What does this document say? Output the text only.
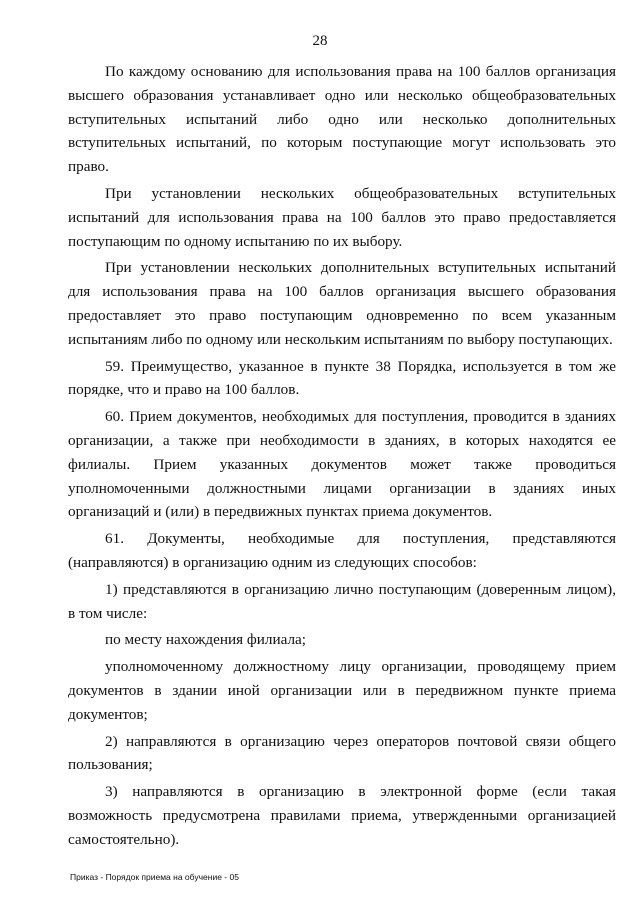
28

По каждому основанию для использования права на 100 баллов организация высшего образования устанавливает одно или несколько общеобразовательных вступительных испытаний либо одно или несколько дополнительных вступительных испытаний, по которым поступающие могут использовать это право.

При установлении нескольких общеобразовательных вступительных испытаний для использования права на 100 баллов это право предоставляется поступающим по одному испытанию по их выбору.

При установлении нескольких дополнительных вступительных испытаний для использования права на 100 баллов организация высшего образования предоставляет это право поступающим одновременно по всем указанным испытаниям либо по одному или нескольким испытаниям по выбору поступающих.

59. Преимущество, указанное в пункте 38 Порядка, используется в том же порядке, что и право на 100 баллов.

60. Прием документов, необходимых для поступления, проводится в зданиях организации, а также при необходимости в зданиях, в которых находятся ее филиалы. Прием указанных документов может также проводиться уполномоченными должностными лицами организации в зданиях иных организаций и (или) в передвижных пунктах приема документов.

61. Документы, необходимые для поступления, представляются (направляются) в организацию одним из следующих способов:

1) представляются в организацию лично поступающим (доверенным лицом), в том числе:

по месту нахождения филиала;

уполномоченному должностному лицу организации, проводящему прием документов в здании иной организации или в передвижном пункте приема документов;

2) направляются в организацию через операторов почтовой связи общего пользования;

3) направляются в организацию в электронной форме (если такая возможность предусмотрена правилами приема, утвержденными организацией самостоятельно).

Приказ - Порядок приема на обучение - 05
